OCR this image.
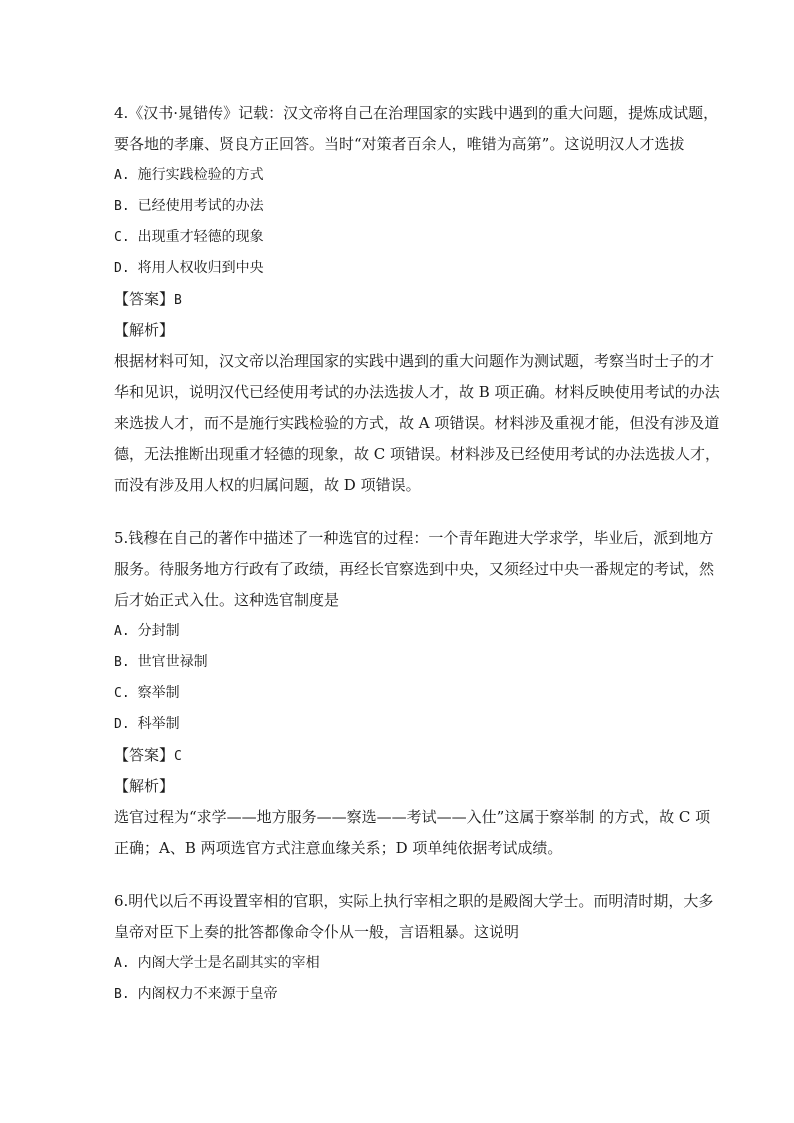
4.《汉书·晁错传》记载：汉文帝将自己在治理国家的实践中遇到的重大问题，提炼成试题，
要各地的孝廉、贤良方正回答。当时“对策者百余人，唯错为高第”。这说明汉人才选拔
A. 施行实践检验的方式
B. 已经使用考试的办法
C. 出现重才轻德的现象
D. 将用人权收归到中央
【答案】B
【解析】
根据材料可知，汉文帝以治理国家的实践中遇到的重大问题作为测试题，考察当时士子的才
华和见识，说明汉代已经使用考试的办法选拔人才，故 B 项正确。材料反映使用考试的办法
来选拔人才，而不是施行实践检验的方式，故 A 项错误。材料涉及重视才能，但没有涉及道
德，无法推断出现重才轻德的现象，故 C 项错误。材料涉及已经使用考试的办法选拔人才，
而没有涉及用人权的归属问题，故 D 项错误。
5.钱穆在自己的著作中描述了一种选官的过程：一个青年跑进大学求学，毕业后，派到地方
服务。待服务地方行政有了政绩，再经长官察选到中央，又须经过中央一番规定的考试，然
后才始正式入仕。这种选官制度是
A. 分封制
B. 世官世禄制
C. 察举制
D. 科举制
【答案】C
【解析】
选官过程为“求学——地方服务——察选——考试——入仕”这属于察举制 的方式，故 C 项
正确；A、B 两项选官方式注意血缘关系；D 项单纯依据考试成绩。
6.明代以后不再设置宰相的官职，实际上执行宰相之职的是殿阁大学士。而明清时期，大多
皇帝对臣下上奏的批答都像命令仆从一般，言语粗暴。这说明
A. 内阁大学士是名副其实的宰相
B. 内阁权力不来源于皇帝
